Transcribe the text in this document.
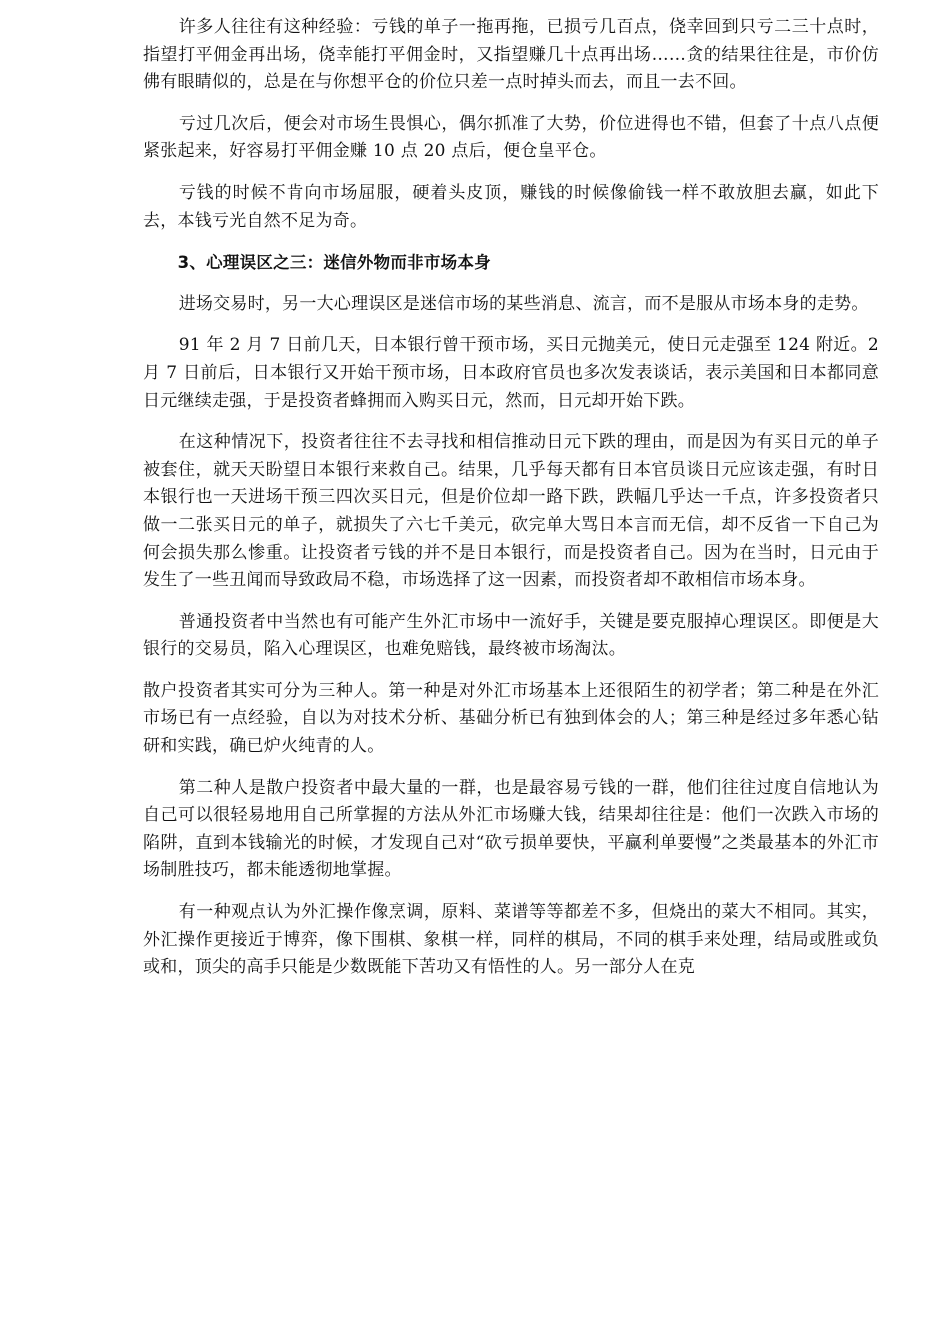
许多人往往有这种经验：亏钱的单子一拖再拖，已损亏几百点，侥幸回到只亏二三十点时，指望打平佣金再出场，侥幸能打平佣金时，又指望赚几十点再出场……贪的结果往往是，市价仿佛有眼睛似的，总是在与你想平仓的价位只差一点时掉头而去，而且一去不回。

亏过几次后，便会对市场生畏惧心，偶尔抓准了大势，价位进得也不错，但套了十点八点便紧张起来，好容易打平佣金赚 10 点 20 点后，便仓皇平仓。

亏钱的时候不肯向市场屈服，硬着头皮顶，赚钱的时候像偷钱一样不敢放胆去赢，如此下去，本钱亏光自然不足为奇。

3、心理误区之三：迷信外物而非市场本身

进场交易时，另一大心理误区是迷信市场的某些消息、流言，而不是服从市场本身的走势。

91 年 2 月 7 日前几天，日本银行曾干预市场，买日元抛美元，使日元走强至 124 附近。2 月 7 日前后，日本银行又开始干预市场，日本政府官员也多次发表谈话，表示美国和日本都同意日元继续走强，于是投资者蜂拥而入购买日元，然而，日元却开始下跌。

在这种情况下，投资者往往不去寻找和相信推动日元下跌的理由，而是因为有买日元的单子被套住，就天天盼望日本银行来救自己。结果，几乎每天都有日本官员谈日元应该走强，有时日本银行也一天进场干预三四次买日元，但是价位却一路下跌，跌幅几乎达一千点，许多投资者只做一二张买日元的单子，就损失了六七千美元，砍完单大骂日本言而无信，却不反省一下自己为何会损失那么惨重。让投资者亏钱的并不是日本银行，而是投资者自己。因为在当时，日元由于发生了一些丑闻而导致政局不稳，市场选择了这一因素，而投资者却不敢相信市场本身。

普通投资者中当然也有可能产生外汇市场中一流好手，关键是要克服掉心理误区。即便是大银行的交易员，陷入心理误区，也难免赔钱，最终被市场淘汰。

散户投资者其实可分为三种人。第一种是对外汇市场基本上还很陌生的初学者；第二种是在外汇市场已有一点经验，自以为对技术分析、基础分析已有独到体会的人；第三种是经过多年悉心钻研和实践，确已炉火纯青的人。

第二种人是散户投资者中最大量的一群，也是最容易亏钱的一群，他们往往过度自信地认为自己可以很轻易地用自己所掌握的方法从外汇市场赚大钱，结果却往往是：他们一次跌入市场的陷阱，直到本钱输光的时候，才发现自己对“砍亏损单要快，平赢利单要慢”之类最基本的外汇市场制胜技巧，都未能透彻地掌握。

有一种观点认为外汇操作像烹调，原料、菜谱等等都差不多，但烧出的菜大不相同。其实，外汇操作更接近于博弈，像下围棋、象棋一样，同样的棋局，不同的棋手来处理，结局或胜或负或和，顶尖的高手只能是少数既能下苦功又有悟性的人。另一部分人在克
